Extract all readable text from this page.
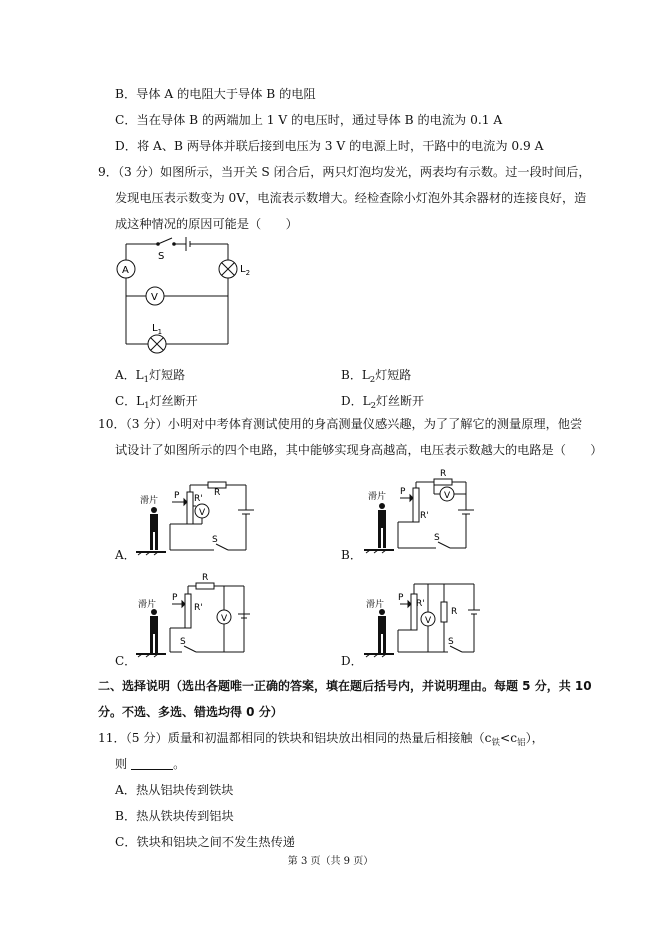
B．导体 A 的电阻大于导体 B 的电阻
C．当在导体 B 的两端加上 1 V 的电压时，通过导体 B 的电流为 0.1 A
D．将 A、B 两导体并联后接到电压为 3 V 的电源上时，干路中的电流为 0.9 A
9．（3 分）如图所示，当开关 S 闭合后，两只灯泡均发光，两表均有示数。过一段时间后，
发现电压表示数变为 0V，电流表示数增大。经检查除小灯泡外其余器材的连接良好，造
成这种情况的原因可能是（　　）
S
A
V
$L_2$
$L_1$
A．$L_1$灯短路	B．$L_2$灯短路
C．$L_1$灯丝断开	D．$L_2$灯丝断开
10．（3 分）小明对中考体育测试使用的身高测量仪感兴趣，为了了解它的测量原理，他尝
试设计了如图所示的四个电路，其中能够实现身高越高，电压表示数越大的电路是（　　）
滑片 P R'
R
V
S
A．
滑片 P
R'
R
V
S
B．
滑片
P
R'
R
V
S
C．
滑片
P
R'
R
V
S
D．
二、选择说明（选出各题唯一正确的答案，填在题后括号内，并说明理由。每题 5 分，共 10
分。不选、多选、错选均得 0 分）
11．（5 分）质量和初温都相同的铁块和铝块放出相同的热量后相接触$(c_铁<c_铝)$，
则	。
A．热从铝块传到铁块
B．热从铁块传到铝块
C．铁块和铝块之间不发生热传递
第 3 页（共 9 页）
